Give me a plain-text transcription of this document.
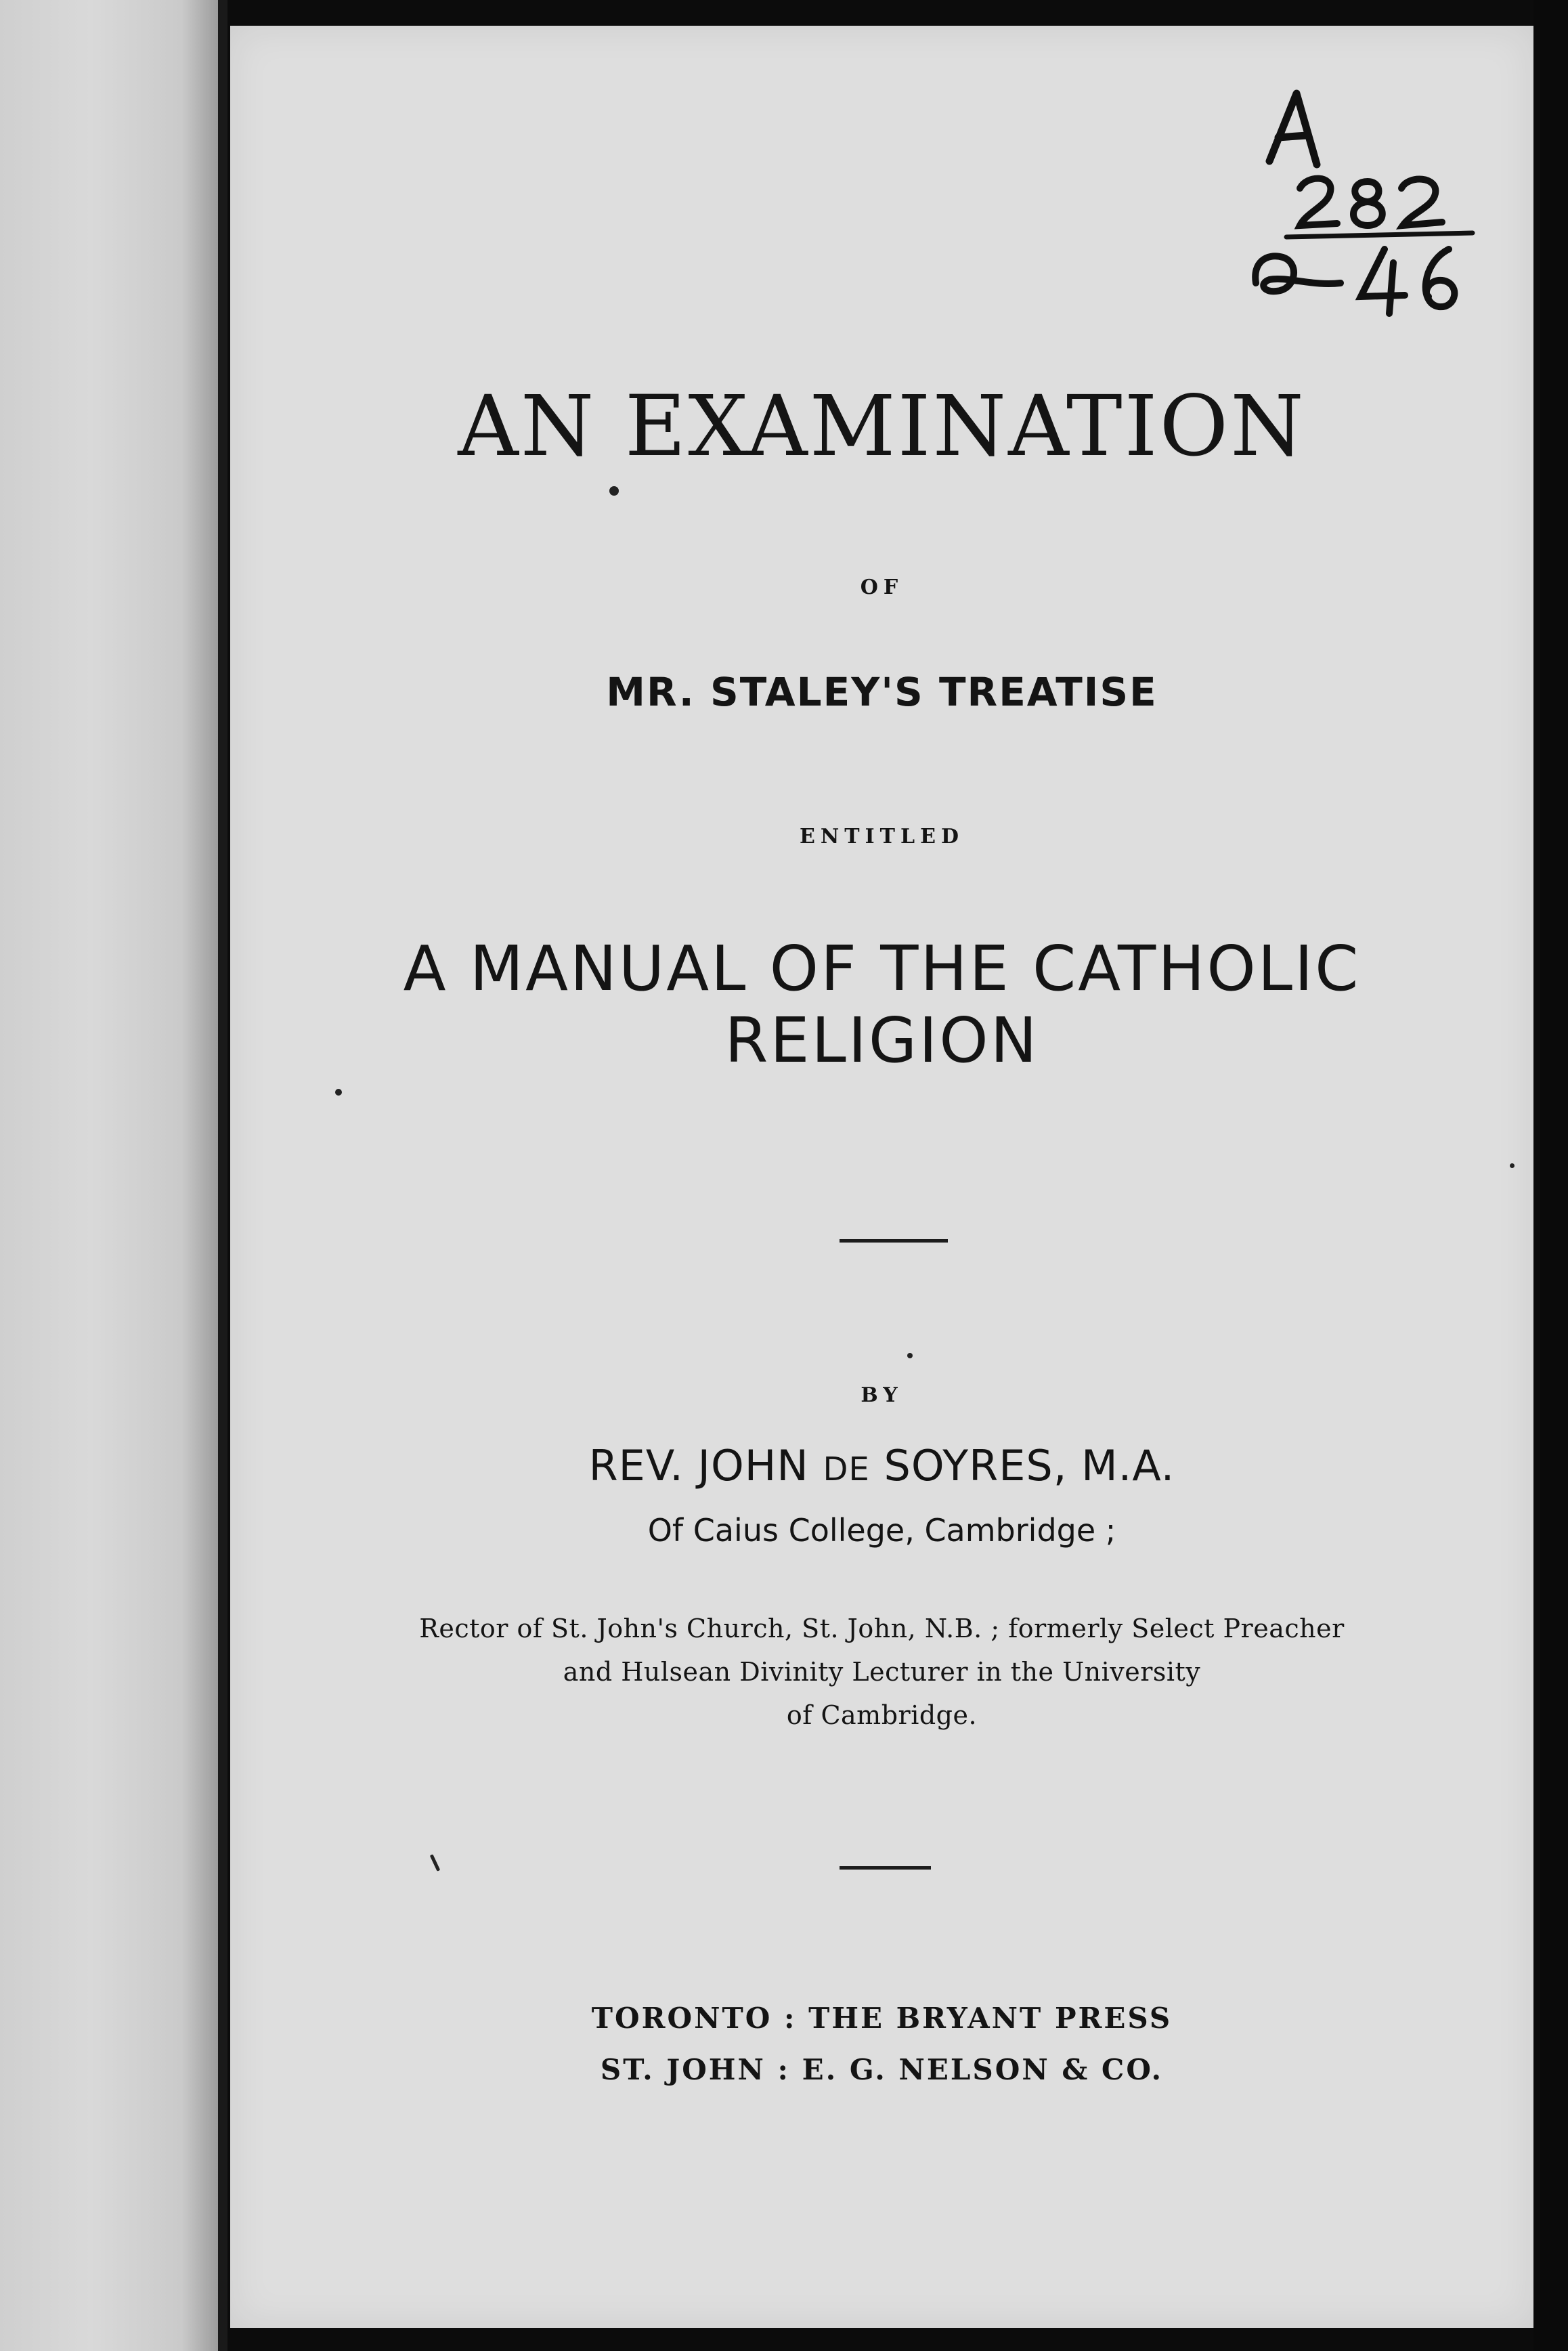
AN EXAMINATION

OF

MR. STALEY'S TREATISE

ENTITLED

A MANUAL OF THE CATHOLIC
RELIGION

BY

REV. JOHN DE SOYRES, M.A.

Of Caius College, Cambridge ;

Rector of St. John's Church, St. John, N.B. ; formerly Select Preacher
and Hulsean Divinity Lecturer in the University
of Cambridge.
TORONTO : THE BRYANT PRESS
ST. JOHN : E. G. NELSON & CO.
